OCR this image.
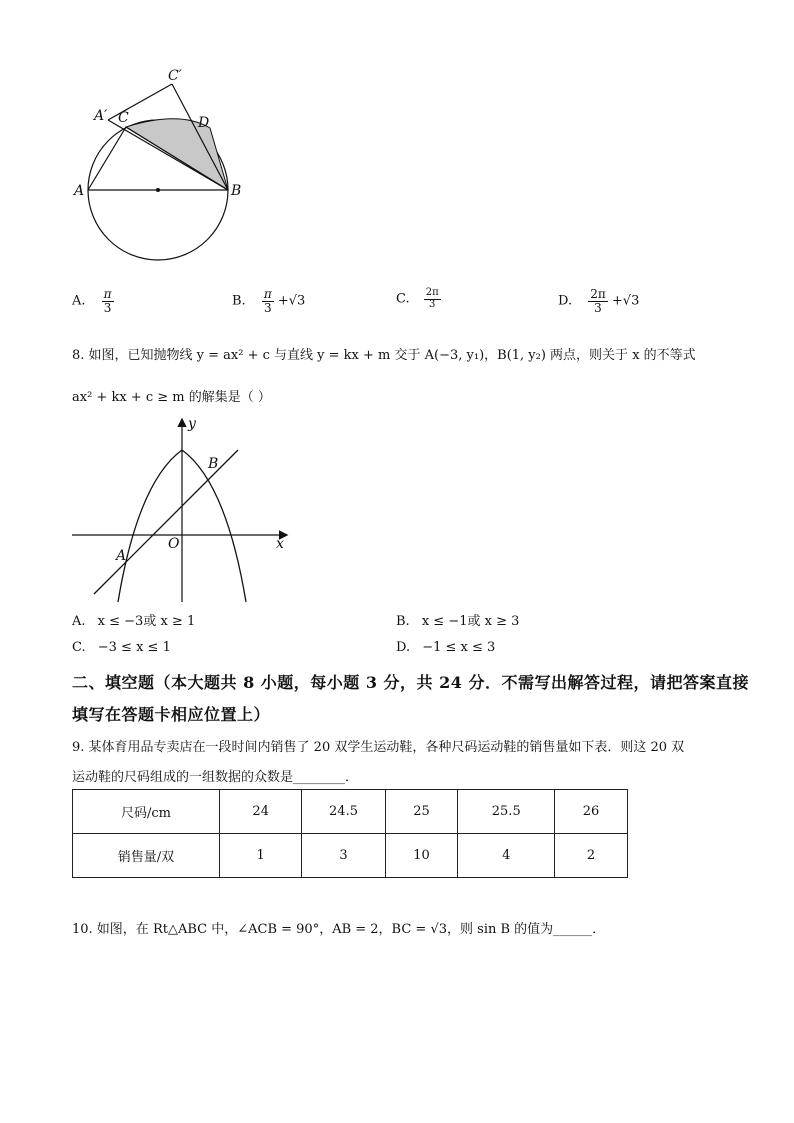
A	B
C	D
A′
C′
A. $\frac{\pi}{3}$	B. $\frac{\pi}{3} +√3$	C. $\frac{2\pi}{3}$	D. $\frac{2\pi}{3} +√3$
8. 如图，已知抛物线 y = ax² + c 与直线 y = kx + m 交于 A(−3, y₁)，B(1, y₂) 两点，则关于 x 的不等式
ax² + kx + c ≥ m 的解集是（ ）
y
x
O
A
B
A. x ≤ −3或 x ≥ 1	B. x ≤ −1或 x ≥ 3
C. −3 ≤ x ≤ 1	D. −1 ≤ x ≤ 3
二、填空题（本大题共 8 小题，每小题 3 分，共 24 分．不需写出解答过程，请把答案直接
填写在答题卡相应位置上）
9. 某体育用品专卖店在一段时间内销售了 20 双学生运动鞋，各种尺码运动鞋的销售量如下表．则这 20 双
运动鞋的尺码组成的一组数据的众数是________．
尺码/cm	24	24.5	25	25.5	26
销售量/双	1	3	10	4	2
10. 如图，在 Rt△ABC 中，∠ACB = 90°，AB = 2，BC = √3，则 sin B 的值为______．
